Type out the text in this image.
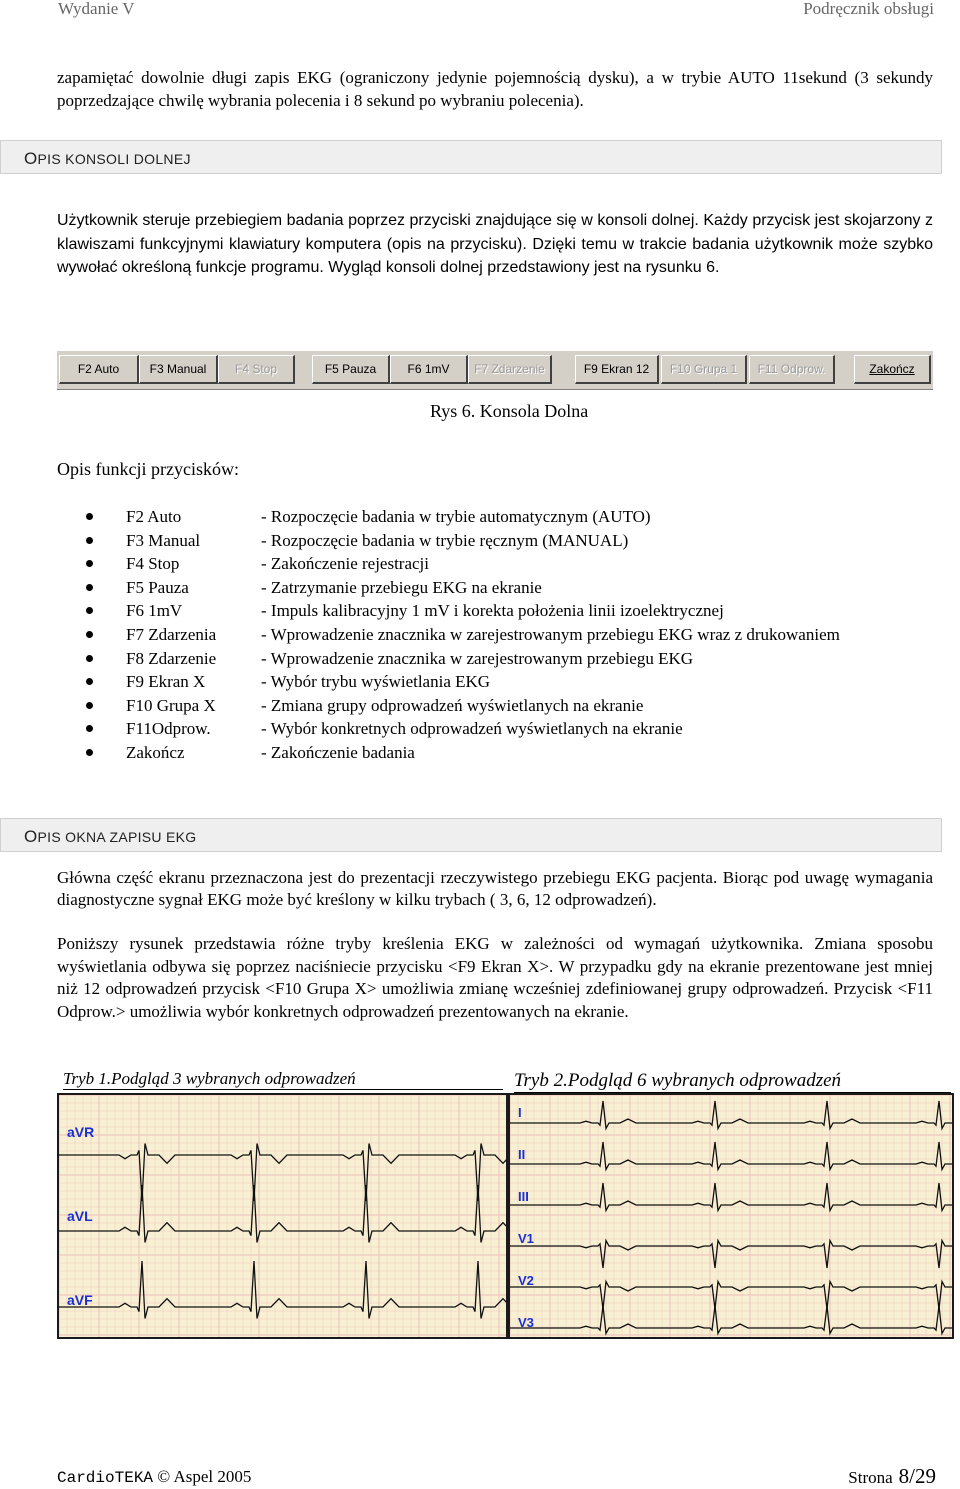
Wydanie V	Podręcznik obsługi
zapamiętać dowolnie długi zapis EKG (ograniczony jedynie pojemnością dysku), a w trybie AUTO 11sekund (3 sekundy poprzedzające chwilę wybrania polecenia i 8 sekund po wybraniu polecenia).
OPIS KONSOLI DOLNEJ
Użytkownik steruje przebiegiem badania poprzez przyciski znajdujące się w konsoli dolnej. Każdy przycisk jest skojarzony z klawiszami funkcyjnymi klawiatury komputera (opis na przycisku). Dzięki temu w trakcie badania użytkownik może szybko wywołać określoną funkcje programu. Wygląd konsoli dolnej przedstawiony jest na rysunku 6.
F2 Auto	F3 Manual	F4 Stop	F5 Pauza	F6 1mV	F7 Zdarzenie	F9 Ekran 12	F10 Grupa 1	F11 Odprow.	Zakończ
Rys 6. Konsola Dolna
Opis funkcji przycisków:
F2 Auto	- Rozpoczęcie badania w trybie automatycznym (AUTO)
F3 Manual	- Rozpoczęcie badania w trybie ręcznym (MANUAL)
F4 Stop	- Zakończenie rejestracji
F5 Pauza	- Zatrzymanie przebiegu EKG na ekranie
F6 1mV	- Impuls kalibracyjny 1 mV i korekta położenia linii izoelektrycznej
F7 Zdarzenia	- Wprowadzenie znacznika w zarejestrowanym przebiegu EKG wraz z drukowaniem
F8 Zdarzenie	- Wprowadzenie znacznika w zarejestrowanym przebiegu EKG
F9 Ekran X	- Wybór trybu wyświetlania EKG
F10 Grupa X	- Zmiana grupy odprowadzeń wyświetlanych na ekranie
F11Odprow.	- Wybór konkretnych odprowadzeń wyświetlanych na ekranie
Zakończ	- Zakończenie badania
OPIS OKNA ZAPISU EKG
Główna część ekranu przeznaczona jest do prezentacji rzeczywistego przebiegu EKG pacjenta. Biorąc pod uwagę wymagania diagnostyczne sygnał EKG może być kreślony w kilku trybach ( 3, 6, 12 odprowadzeń).
Poniższy rysunek przedstawia różne tryby kreślenia EKG w zależności od wymagań użytkownika. Zmiana sposobu wyświetlania odbywa się poprzez naciśniecie przycisku <F9 Ekran X>. W przypadku gdy na ekranie prezentowane jest mniej niż 12 odprowadzeń przycisk <F10 Grupa X> umożliwia zmianę wcześniej zdefiniowanej grupy odprowadzeń. Przycisk <F11 Odprow.> umożliwia wybór konkretnych odprowadzeń prezentowanych na ekranie.
Tryb 1.Podgląd 3 wybranych odprowadzeń	Tryb 2.Podgląd 6 wybranych odprowadzeń
aVR
aVL
aVF
I
II
III
V1
V2
V3
CardioTEKA © Aspel 2005	Strona 8/29
